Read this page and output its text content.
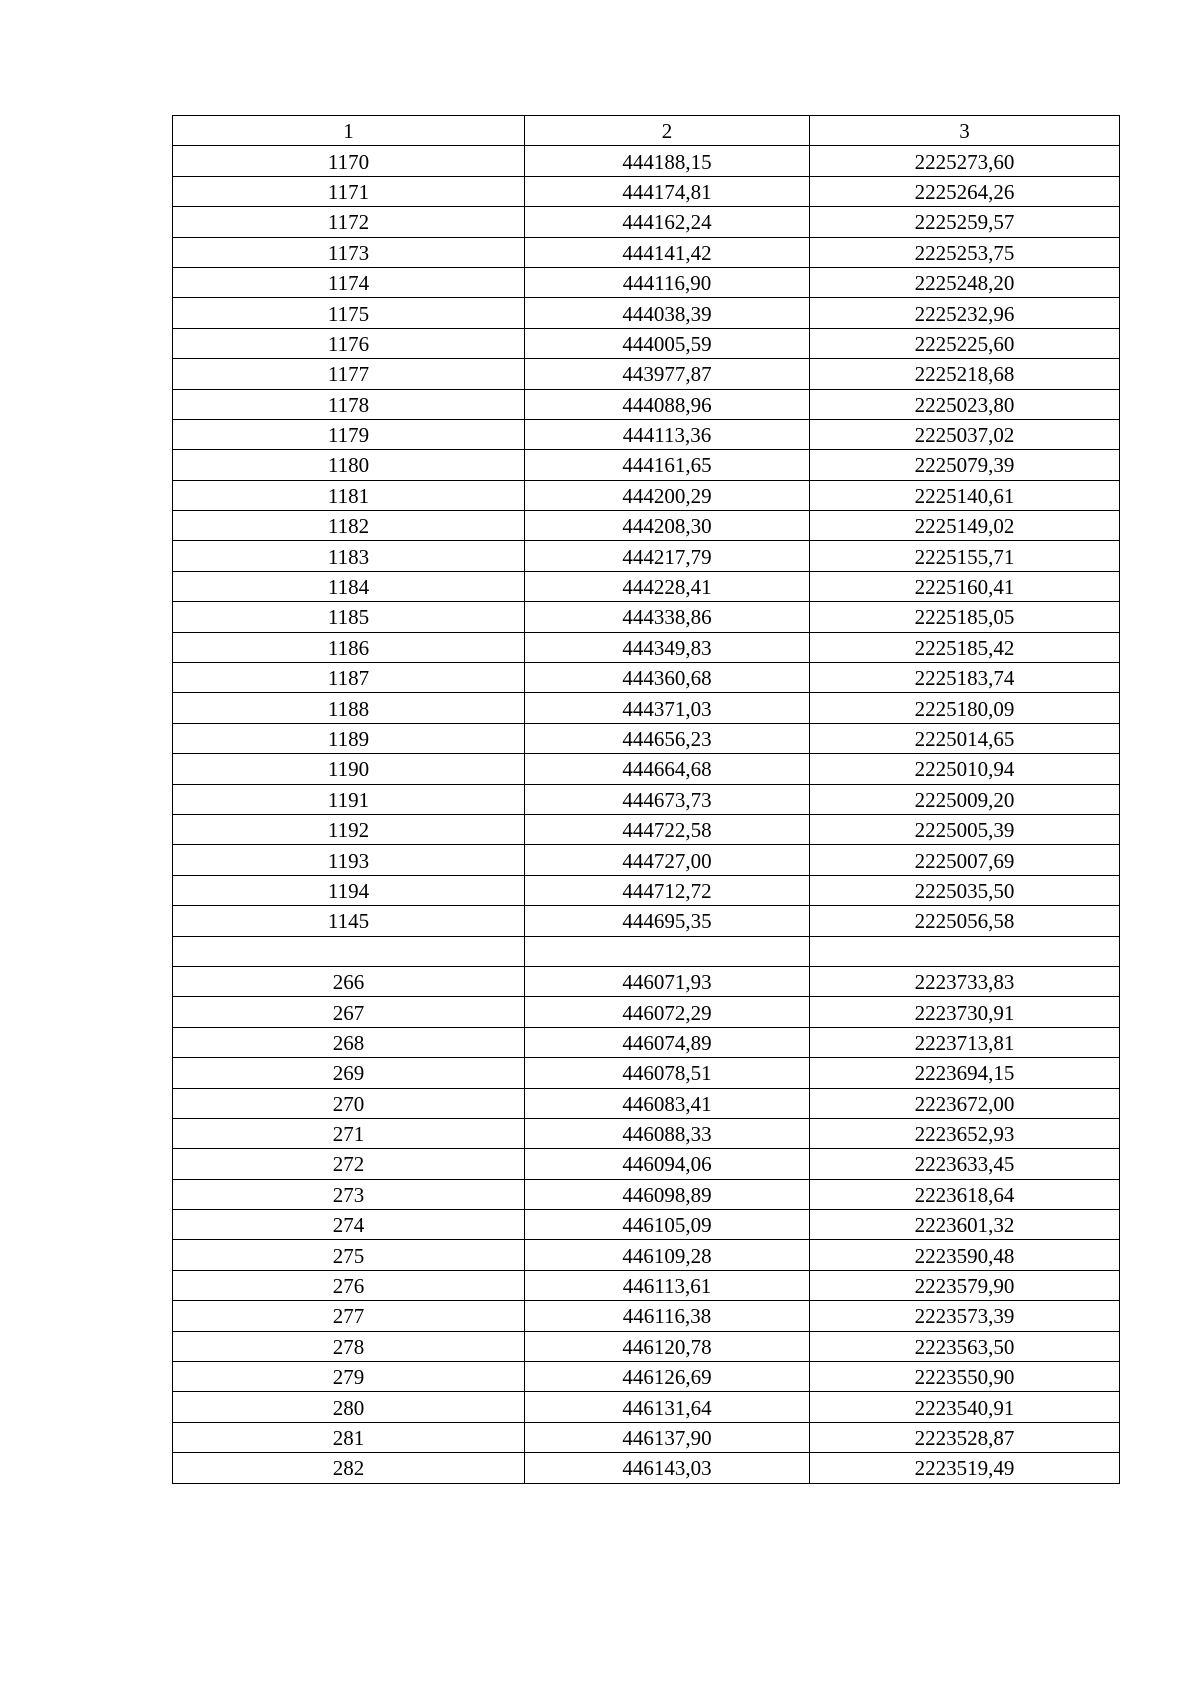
1	2	3
1170	444188,15	2225273,60
1171	444174,81	2225264,26
1172	444162,24	2225259,57
1173	444141,42	2225253,75
1174	444116,90	2225248,20
1175	444038,39	2225232,96
1176	444005,59	2225225,60
1177	443977,87	2225218,68
1178	444088,96	2225023,80
1179	444113,36	2225037,02
1180	444161,65	2225079,39
1181	444200,29	2225140,61
1182	444208,30	2225149,02
1183	444217,79	2225155,71
1184	444228,41	2225160,41
1185	444338,86	2225185,05
1186	444349,83	2225185,42
1187	444360,68	2225183,74
1188	444371,03	2225180,09
1189	444656,23	2225014,65
1190	444664,68	2225010,94
1191	444673,73	2225009,20
1192	444722,58	2225005,39
1193	444727,00	2225007,69
1194	444712,72	2225035,50
1145	444695,35	2225056,58

266	446071,93	2223733,83
267	446072,29	2223730,91
268	446074,89	2223713,81
269	446078,51	2223694,15
270	446083,41	2223672,00
271	446088,33	2223652,93
272	446094,06	2223633,45
273	446098,89	2223618,64
274	446105,09	2223601,32
275	446109,28	2223590,48
276	446113,61	2223579,90
277	446116,38	2223573,39
278	446120,78	2223563,50
279	446126,69	2223550,90
280	446131,64	2223540,91
281	446137,90	2223528,87
282	446143,03	2223519,49
